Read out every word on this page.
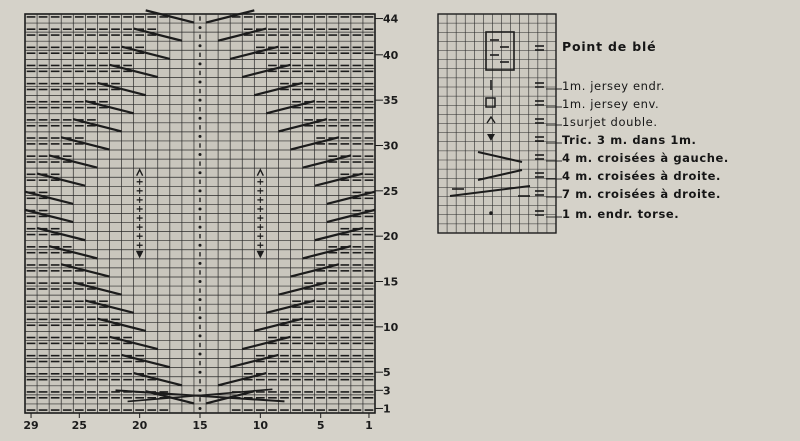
44
40
35
30
25
20
15
10
5
3
1
29	25	20	15	10	5	1
Point de blé
1m. jersey endr.
1m. jersey env.
1surjet double.
Tric. 3 m. dans 1m.
4 m. croisées à gauche.
4 m. croisées à droite.
7 m. croisées à droite.
1 m. endr. torse.
